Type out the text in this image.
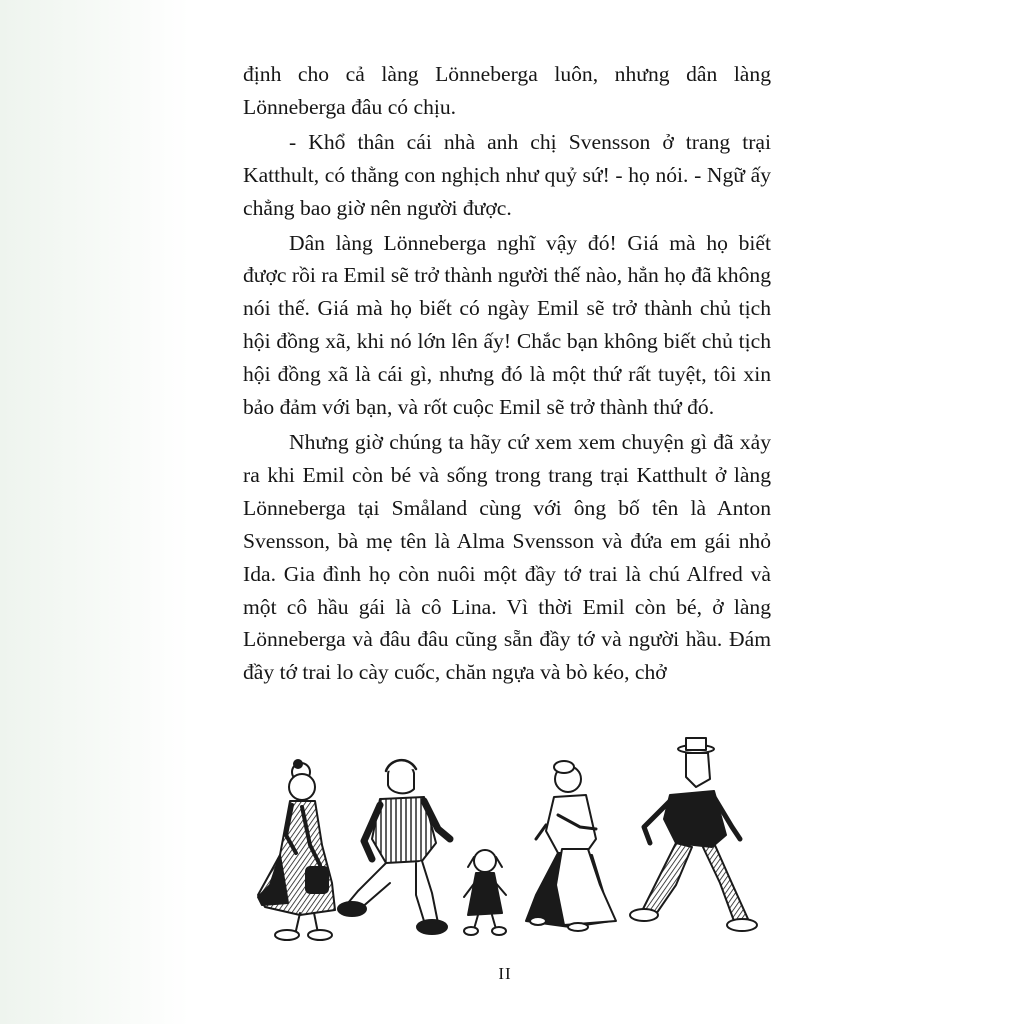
định cho cả làng Lönneberga luôn, nhưng dân làng Lönneberga đâu có chịu.

- Khổ thân cái nhà anh chị Svensson ở trang trại Katthult, có thằng con nghịch như quỷ sứ! - họ nói. - Ngữ ấy chẳng bao giờ nên người được.

Dân làng Lönneberga nghĩ vậy đó! Giá mà họ biết được rồi ra Emil sẽ trở thành người thế nào, hẳn họ đã không nói thế. Giá mà họ biết có ngày Emil sẽ trở thành chủ tịch hội đồng xã, khi nó lớn lên ấy! Chắc bạn không biết chủ tịch hội đồng xã là cái gì, nhưng đó là một thứ rất tuyệt, tôi xin bảo đảm với bạn, và rốt cuộc Emil sẽ trở thành thứ đó.

Nhưng giờ chúng ta hãy cứ xem xem chuyện gì đã xảy ra khi Emil còn bé và sống trong trang trại Katthult ở làng Lönneberga tại Småland cùng với ông bố tên là Anton Svensson, bà mẹ tên là Alma Svensson và đứa em gái nhỏ Ida. Gia đình họ còn nuôi một đầy tớ trai là chú Alfred và một cô hầu gái là cô Lina. Vì thời Emil còn bé, ở làng Lönneberga và đâu đâu cũng sẵn đầy tớ và người hầu. Đám đầy tớ trai lo cày cuốc, chăn ngựa và bò kéo, chở

II
